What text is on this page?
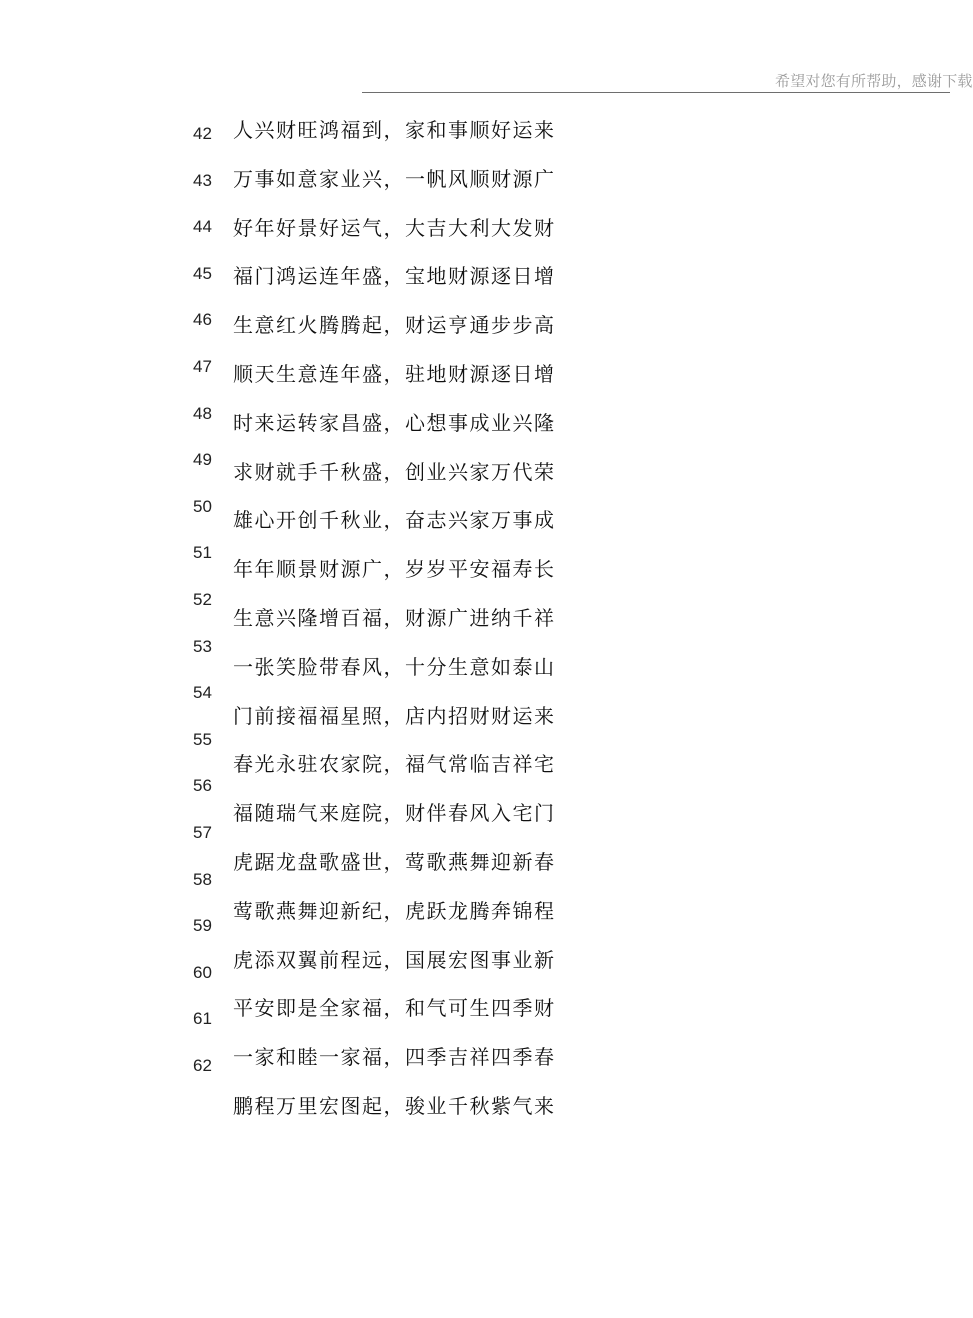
希望对您有所帮助，感谢下载
42
43
44
45
46
47
48
49
50
51
52
53
54
55
56
57
58
59
60
61
62
人兴财旺鸿福到，家和事顺好运来
万事如意家业兴，一帆风顺财源广
好年好景好运气，大吉大利大发财
福门鸿运连年盛，宝地财源逐日增
生意红火腾腾起，财运亨通步步高
顺天生意连年盛，驻地财源逐日增
时来运转家昌盛，心想事成业兴隆
求财就手千秋盛，创业兴家万代荣
雄心开创千秋业，奋志兴家万事成
年年顺景财源广，岁岁平安福寿长
生意兴隆增百福，财源广进纳千祥
一张笑脸带春风，十分生意如泰山
门前接福福星照，店内招财财运来
春光永驻农家院，福气常临吉祥宅
福随瑞气来庭院，财伴春风入宅门
虎踞龙盘歌盛世，莺歌燕舞迎新春
莺歌燕舞迎新纪，虎跃龙腾奔锦程
虎添双翼前程远，国展宏图事业新
平安即是全家福，和气可生四季财
一家和睦一家福，四季吉祥四季春
鹏程万里宏图起，骏业千秋紫气来
